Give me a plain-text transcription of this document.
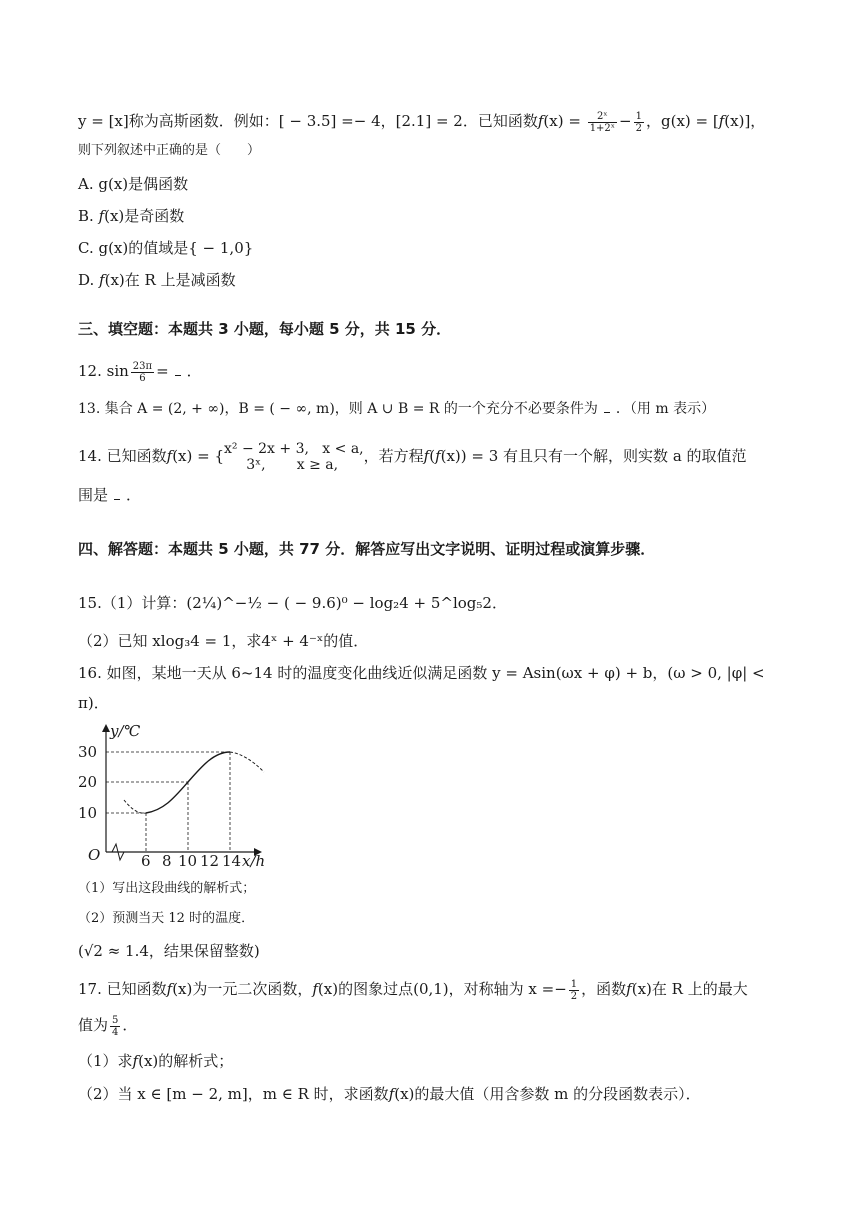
y = [x]称为高斯函数．例如：[ − 3.5] =− 4，[2.1] = 2．已知函数$f(x) = \frac{\text{2ˣ}}{\text{1+2ˣ}} - \frac{1}{2}$ ，g(x) = [f(x)]，
则下列叙述中正确的是（　　）
A. g(x)是偶函数
B. f(x)是奇函数
C. g(x)的值域是{ − 1,0}
D. f(x)在 R 上是减函数
三、填空题：本题共 3 小题，每小题 5 分，共 15 分．
12. $\sin \frac{23\pi}{6}$ = ．
13. 集合 A = (2, + ∞)，B = ( − ∞, m)，则 A ∪ B = R 的一个充分不必要条件为 ．（用 m 表示）
14. 已知函数f(x) = {x² − 2x + 3, x < a,
3ˣ, x ≥ a, ，若方程f(f(x)) = 3 有且只有一个解，则实数 a 的取值范
围是 ．
四、解答题：本题共 5 小题，共 77 分．解答应写出文字说明、证明过程或演算步骤．
15.（1）计算：(2¼)^−½ − ( − 9.6)⁰ − log₂4 + 5^log₅2．
（2）已知 xlog₃4 = 1，求4ˣ + 4⁻ˣ的值．
16. 如图，某地一天从 6~14 时的温度变化曲线近似满足函数 y = Asin(ωx + φ) + b，(ω > 0, |φ| <
π)．
y/℃
30
20
10
O	6 8 10 12 14 x/h
（1）写出这段曲线的解析式；
（2）预测当天 12 时的温度．
(√2 ≈ 1.4，结果保留整数)
17. 已知函数f(x)为一元二次函数，f(x)的图象过点(0,1)，对称轴为 $x =- \frac{1}{2}$ ，函数f(x)在 R 上的最大
值为 $\frac{5}{4}$ ．
（1）求f(x)的解析式；
（2）当 x ∈ [m − 2, m]，m ∈ R 时，求函数f(x)的最大值（用含参数 m 的分段函数表示）．
